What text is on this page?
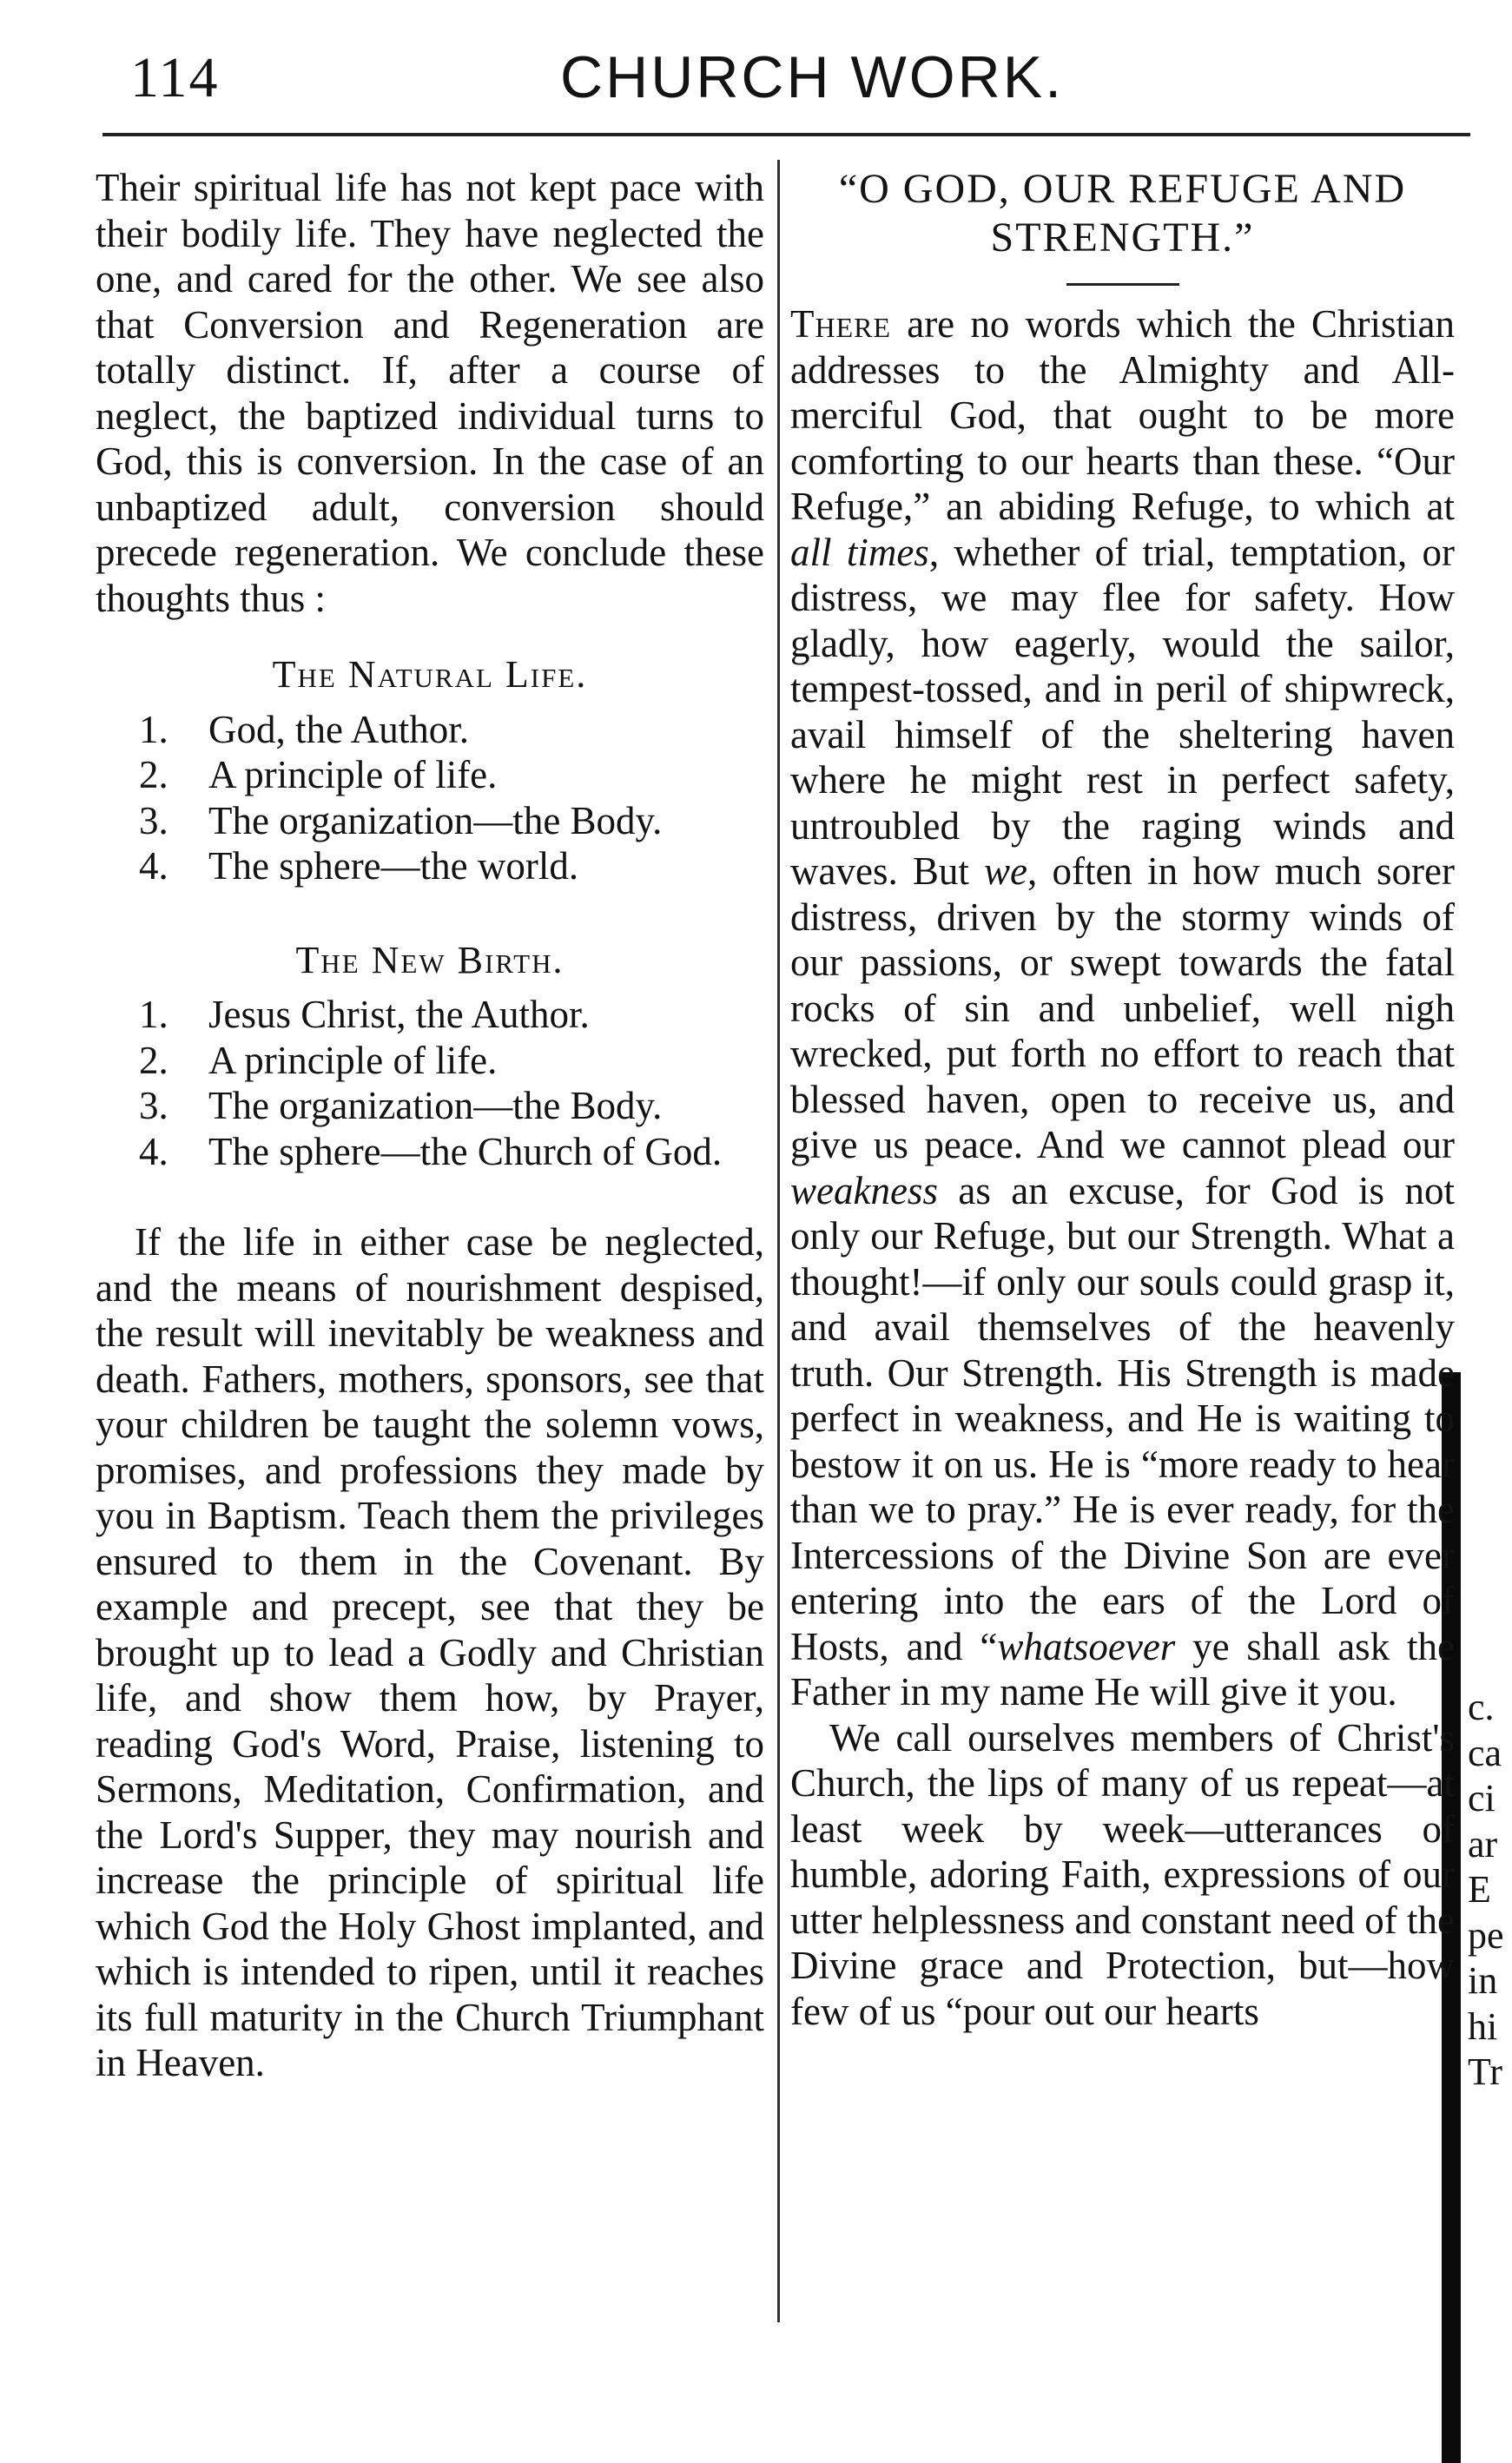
114	CHURCH WORK.

Their spiritual life has not kept pace with their bodily life. They have neglected the one, and cared for the other. We see also that Conversion and Regeneration are totally distinct. If, after a course of neglect, the baptized individual turns to God, this is conversion. In the case of an unbaptized adult, conversion should precede regeneration. We conclude these thoughts thus :

The Natural Life.
1.	God, the Author.
2.	A principle of life.
3.	The organization—the Body.
4.	The sphere—the world.
The New Birth.
1.	Jesus Christ, the Author.
2.	A principle of life.
3.	The organization—the Body.
4.	The sphere—the Church of God.

If the life in either case be neglected, and the means of nourishment despised, the result will inevitably be weakness and death. Fathers, mothers, sponsors, see that your children be taught the solemn vows, promises, and professions they made by you in Baptism. Teach them the privileges ensured to them in the Covenant. By example and precept, see that they be brought up to lead a Godly and Christian life, and show them how, by Prayer, reading God's Word, Praise, listening to Sermons, Meditation, Confirmation, and the Lord's Supper, they may nourish and increase the principle of spiritual life which God the Holy Ghost implanted, and which is intended to ripen, until it reaches its full maturity in the Church Triumphant in Heaven.

“O GOD, OUR REFUGE AND STRENGTH.”

There are no words which the Christian addresses to the Almighty and All-merciful God, that ought to be more comforting to our hearts than these. “Our Refuge,” an abiding Refuge, to which at all times, whether of trial, temptation, or distress, we may flee for safety. How gladly, how eagerly, would the sailor, tempest-tossed, and in peril of shipwreck, avail himself of the sheltering haven where he might rest in perfect safety, untroubled by the raging winds and waves. But we, often in how much sorer distress, driven by the stormy winds of our passions, or swept towards the fatal rocks of sin and unbelief, well nigh wrecked, put forth no effort to reach that blessed haven, open to receive us, and give us peace. And we cannot plead our weakness as an excuse, for God is not only our Refuge, but our Strength. What a thought!—if only our souls could grasp it, and avail themselves of the heavenly truth. Our Strength. His Strength is made perfect in weakness, and He is waiting to bestow it on us. He is “more ready to hear than we to pray.” He is ever ready, for the Intercessions of the Divine Son are ever entering into the ears of the Lord of Hosts, and “whatsoever ye shall ask the Father in my name He will give it you.

We call ourselves members of Christ's Church, the lips of many of us repeat—at least week by week—utterances of humble, adoring Faith, expressions of our utter helplessness and constant need of the Divine grace and Protection, but—how few of us “pour out our hearts

c.
ca
ci
ar
E
pe
in
hi
Tr
